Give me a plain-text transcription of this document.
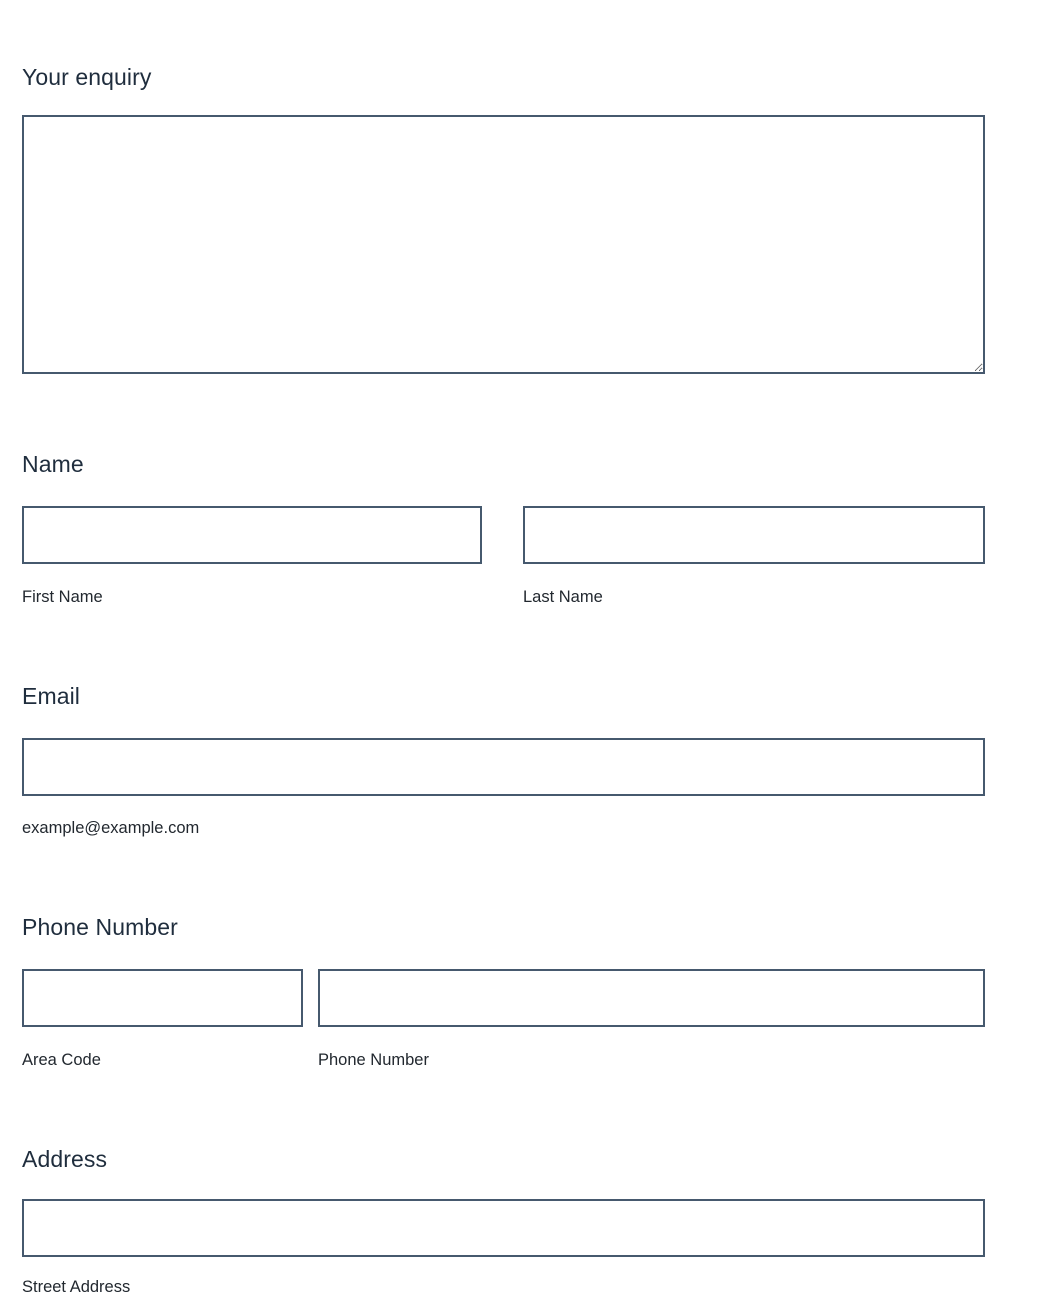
Your enquiry
Name
First Name	Last Name
Email
example@example.com
Phone Number
Area Code	Phone Number
Address
Street Address
